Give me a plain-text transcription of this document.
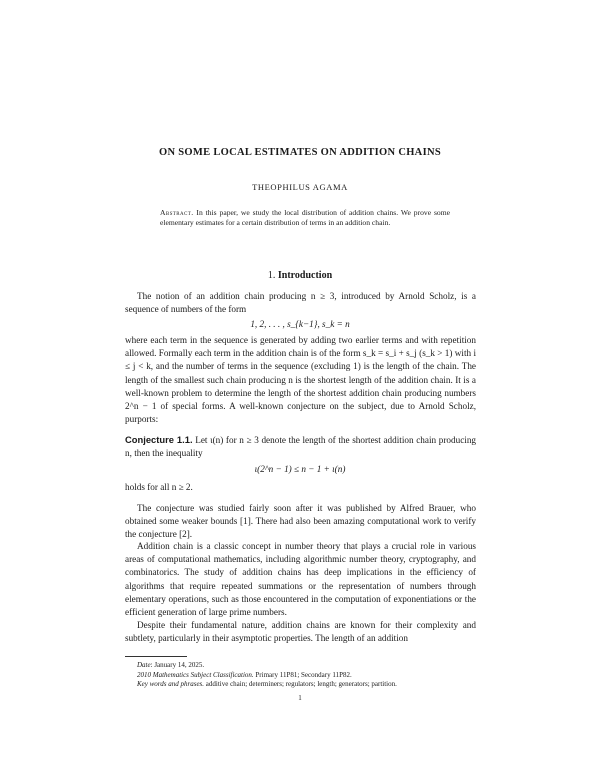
ON SOME LOCAL ESTIMATES ON ADDITION CHAINS
THEOPHILUS AGAMA
Abstract. In this paper, we study the local distribution of addition chains. We prove some elementary estimates for a certain distribution of terms in an addition chain.
1. Introduction

The notion of an addition chain producing n ≥ 3, introduced by Arnold Scholz, is a sequence of numbers of the form

1, 2, . . . , s_{k−1}, s_k = n

where each term in the sequence is generated by adding two earlier terms and with repetition allowed. Formally each term in the addition chain is of the form s_k = s_i + s_j (s_k > 1) with i ≤ j < k, and the number of terms in the sequence (excluding 1) is the length of the chain. The length of the smallest such chain producing n is the shortest length of the addition chain. It is a well-known problem to determine the length of the shortest addition chain producing numbers 2^n − 1 of special forms. A well-known conjecture on the subject, due to Arnold Scholz, purports:

Conjecture 1.1. Let ι(n) for n ≥ 3 denote the length of the shortest addition chain producing n, then the inequality

ι(2^n − 1) ≤ n − 1 + ι(n)

holds for all n ≥ 2.

The conjecture was studied fairly soon after it was published by Alfred Brauer, who obtained some weaker bounds [1]. There had also been amazing computational work to verify the conjecture [2].

Addition chain is a classic concept in number theory that plays a crucial role in various areas of computational mathematics, including algorithmic number theory, cryptography, and combinatorics. The study of addition chains has deep implications in the efficiency of algorithms that require repeated summations or the representation of numbers through elementary operations, such as those encountered in the computation of exponentiations or the efficient generation of large prime numbers.

Despite their fundamental nature, addition chains are known for their complexity and subtlety, particularly in their asymptotic properties. The length of an addition

Date: January 14, 2025.
2010 Mathematics Subject Classification. Primary 11P81; Secondary 11P82.
Key words and phrases. additive chain; determiners; regulators; length; generators; partition.
1
